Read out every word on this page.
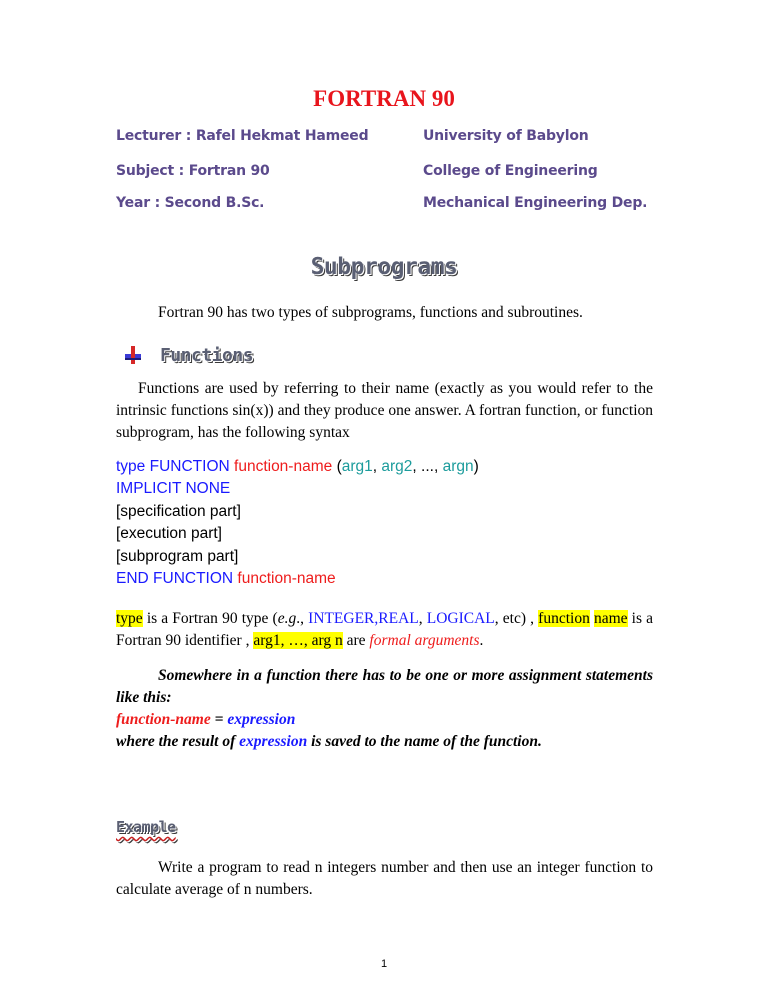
FORTRAN 90
Lecturer : Rafel Hekmat Hameed	University of Babylon
Subject : Fortran 90	College of Engineering
Year : Second B.Sc.	Mechanical Engineering Dep.
Subprograms
Fortran 90 has two types of subprograms, functions and subroutines.
Functions
Functions are used by referring to their name (exactly as you would refer to the intrinsic functions sin(x)) and they produce one answer. A fortran function, or function subprogram, has the following syntax
type FUNCTION function-name (arg1, arg2, ..., argn)
IMPLICIT NONE
[specification part]
[execution part]
[subprogram part]
END FUNCTION function-name
type is a Fortran 90 type (e.g., INTEGER,REAL, LOGICAL, etc) , function name is a Fortran 90 identifier , arg1, …, arg n are formal arguments.
Somewhere in a function there has to be one or more assignment statements like this:
function-name = expression
where the result of expression is saved to the name of the function.
Example
Write a program to read n integers number and then use an integer function to calculate average of n numbers.
1
